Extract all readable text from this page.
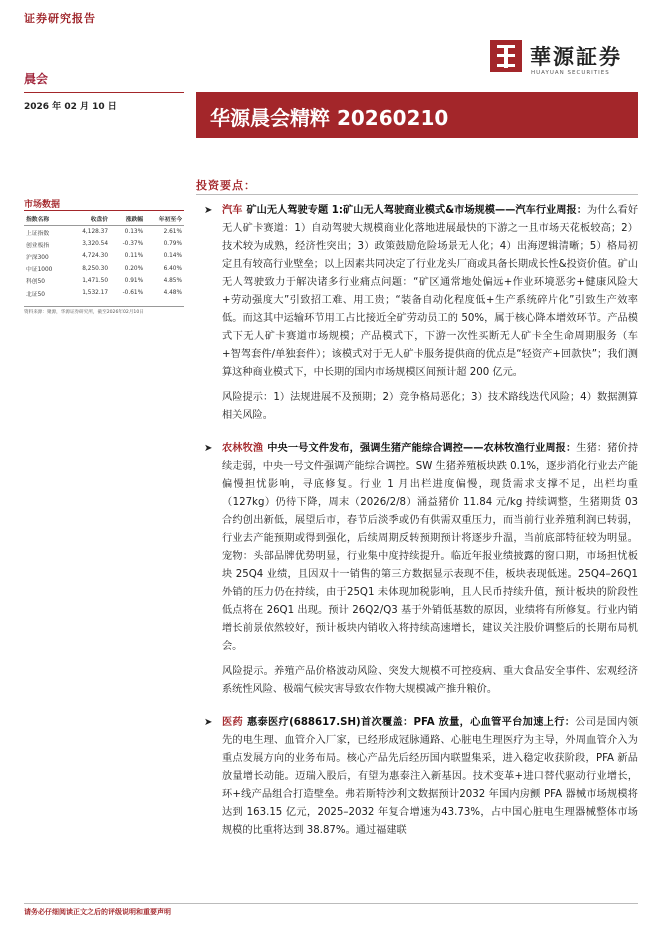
证券研究报告
華源証券
HUAYUAN SECURITIES
晨会
2026 年 02 月 10 日	华源晨会精粹 20260210
市场数据
指数名称	收盘价	涨跌幅	年初至今
上证指数	4,128.37	0.13%	2.61%
创业板指	3,320.54	-0.37%	0.79%
沪深300	4,724.30	0.11%	0.14%
中证1000	8,250.30	0.20%	6.40%
科创50	1,471.50	0.91%	4.85%
北证50	1,532.17	-0.61%	4.48%
资料来源：聚源，华源证券研究所，截至2026年02月10日
投资要点：
➤ 汽车 矿山无人驾驶专题 1:矿山无人驾驶商业模式&市场规模——汽车行业周报：为什么看好无人矿卡赛道：1）自动驾驶大规模商业化落地进展最快的下游之一且市场天花板较高；2）技术较为成熟，经济性突出；3）政策鼓励危险场景无人化；4）出海逻辑清晰；5）格局初定且有较高行业壁垒；以上因素共同决定了行业龙头厂商或具备长期成长性&投资价值。矿山无人驾驶致力于解决诸多行业痛点问题：“矿区通常地处偏远+作业环境恶劣+健康风险大+劳动强度大”引致招工难、用工贵；“装备自动化程度低+生产系统碎片化”引致生产效率低。而这其中运输环节用工占比接近全矿劳动员工的 50%，属于核心降本增效环节。产品模式下无人矿卡赛道市场规模；产品模式下，下游一次性买断无人矿卡全生命周期服务（车+智驾套件/单独套件）；该模式对于无人矿卡服务提供商的优点是“轻资产+回款快”；我们测算这种商业模式下，中长期的国内市场规模区间预计超 200 亿元。

风险提示：1）法规进展不及预期；2）竞争格局恶化；3）技术路线迭代风险；4）数据测算相关风险。

➤ 农林牧渔 中央一号文件发布，强调生猪产能综合调控——农林牧渔行业周报：生猪：猪价持续走弱，中央一号文件强调产能综合调控。SW 生猪养殖板块跌 0.1%，逐步消化行业去产能偏慢担忧影响，寻底修复。行业 1 月出栏进度偏慢，现货需求支撑不足，出栏均重（127kg）仍待下降，周末（2026/2/8）涌益猪价 11.84 元/kg 持续调整，生猪期货 03 合约创出新低，展望后市，春节后淡季或仍有供需双重压力，而当前行业养殖利润已转弱，行业去产能预期或得到强化，后续周期反转预期预计将逐步升温，当前底部特征较为明显。宠物：头部品牌优势明显，行业集中度持续提升。临近年报业绩披露的窗口期，市场担忧板块 25Q4 业绩，且因双十一销售的第三方数据显示表现不佳，板块表现低迷。25Q4–26Q1 外销的压力仍在持续，由于25Q1 未体现加税影响，且人民币持续升值，预计板块的阶段性低点将在 26Q1 出现。预计 26Q2/Q3 基于外销低基数的原因，业绩将有所修复。行业内销增长前景依然较好，预计板块内销收入将持续高速增长，建议关注股价调整后的长期布局机会。

风险提示。养殖产品价格波动风险、突发大规模不可控疫病、重大食品安全事件、宏观经济系统性风险、极端气候灾害导致农作物大规模减产推升粮价。

➤ 医药 惠泰医疗(688617.SH)首次覆盖：PFA 放量，心血管平台加速上行：公司是国内领先的电生理、血管介入厂家，已经形成冠脉通路、心脏电生理医疗为主导，外周血管介入为重点发展方向的业务布局。核心产品先后经历国内联盟集采，进入稳定收获阶段，PFA 新品放量增长动能。迈瑞入股后，有望为惠泰注入新基因。技术变革+进口替代驱动行业增长，环+线产品组合打造壁垒。弗若斯特沙利文数据预计2032 年国内房颤 PFA 器械市场规模将达到 163.15 亿元，2025–2032 年复合增速为43.73%，占中国心脏电生理器械整体市场规模的比重将达到 38.87%。通过福建联

请务必仔细阅读正文之后的评级说明和重要声明
